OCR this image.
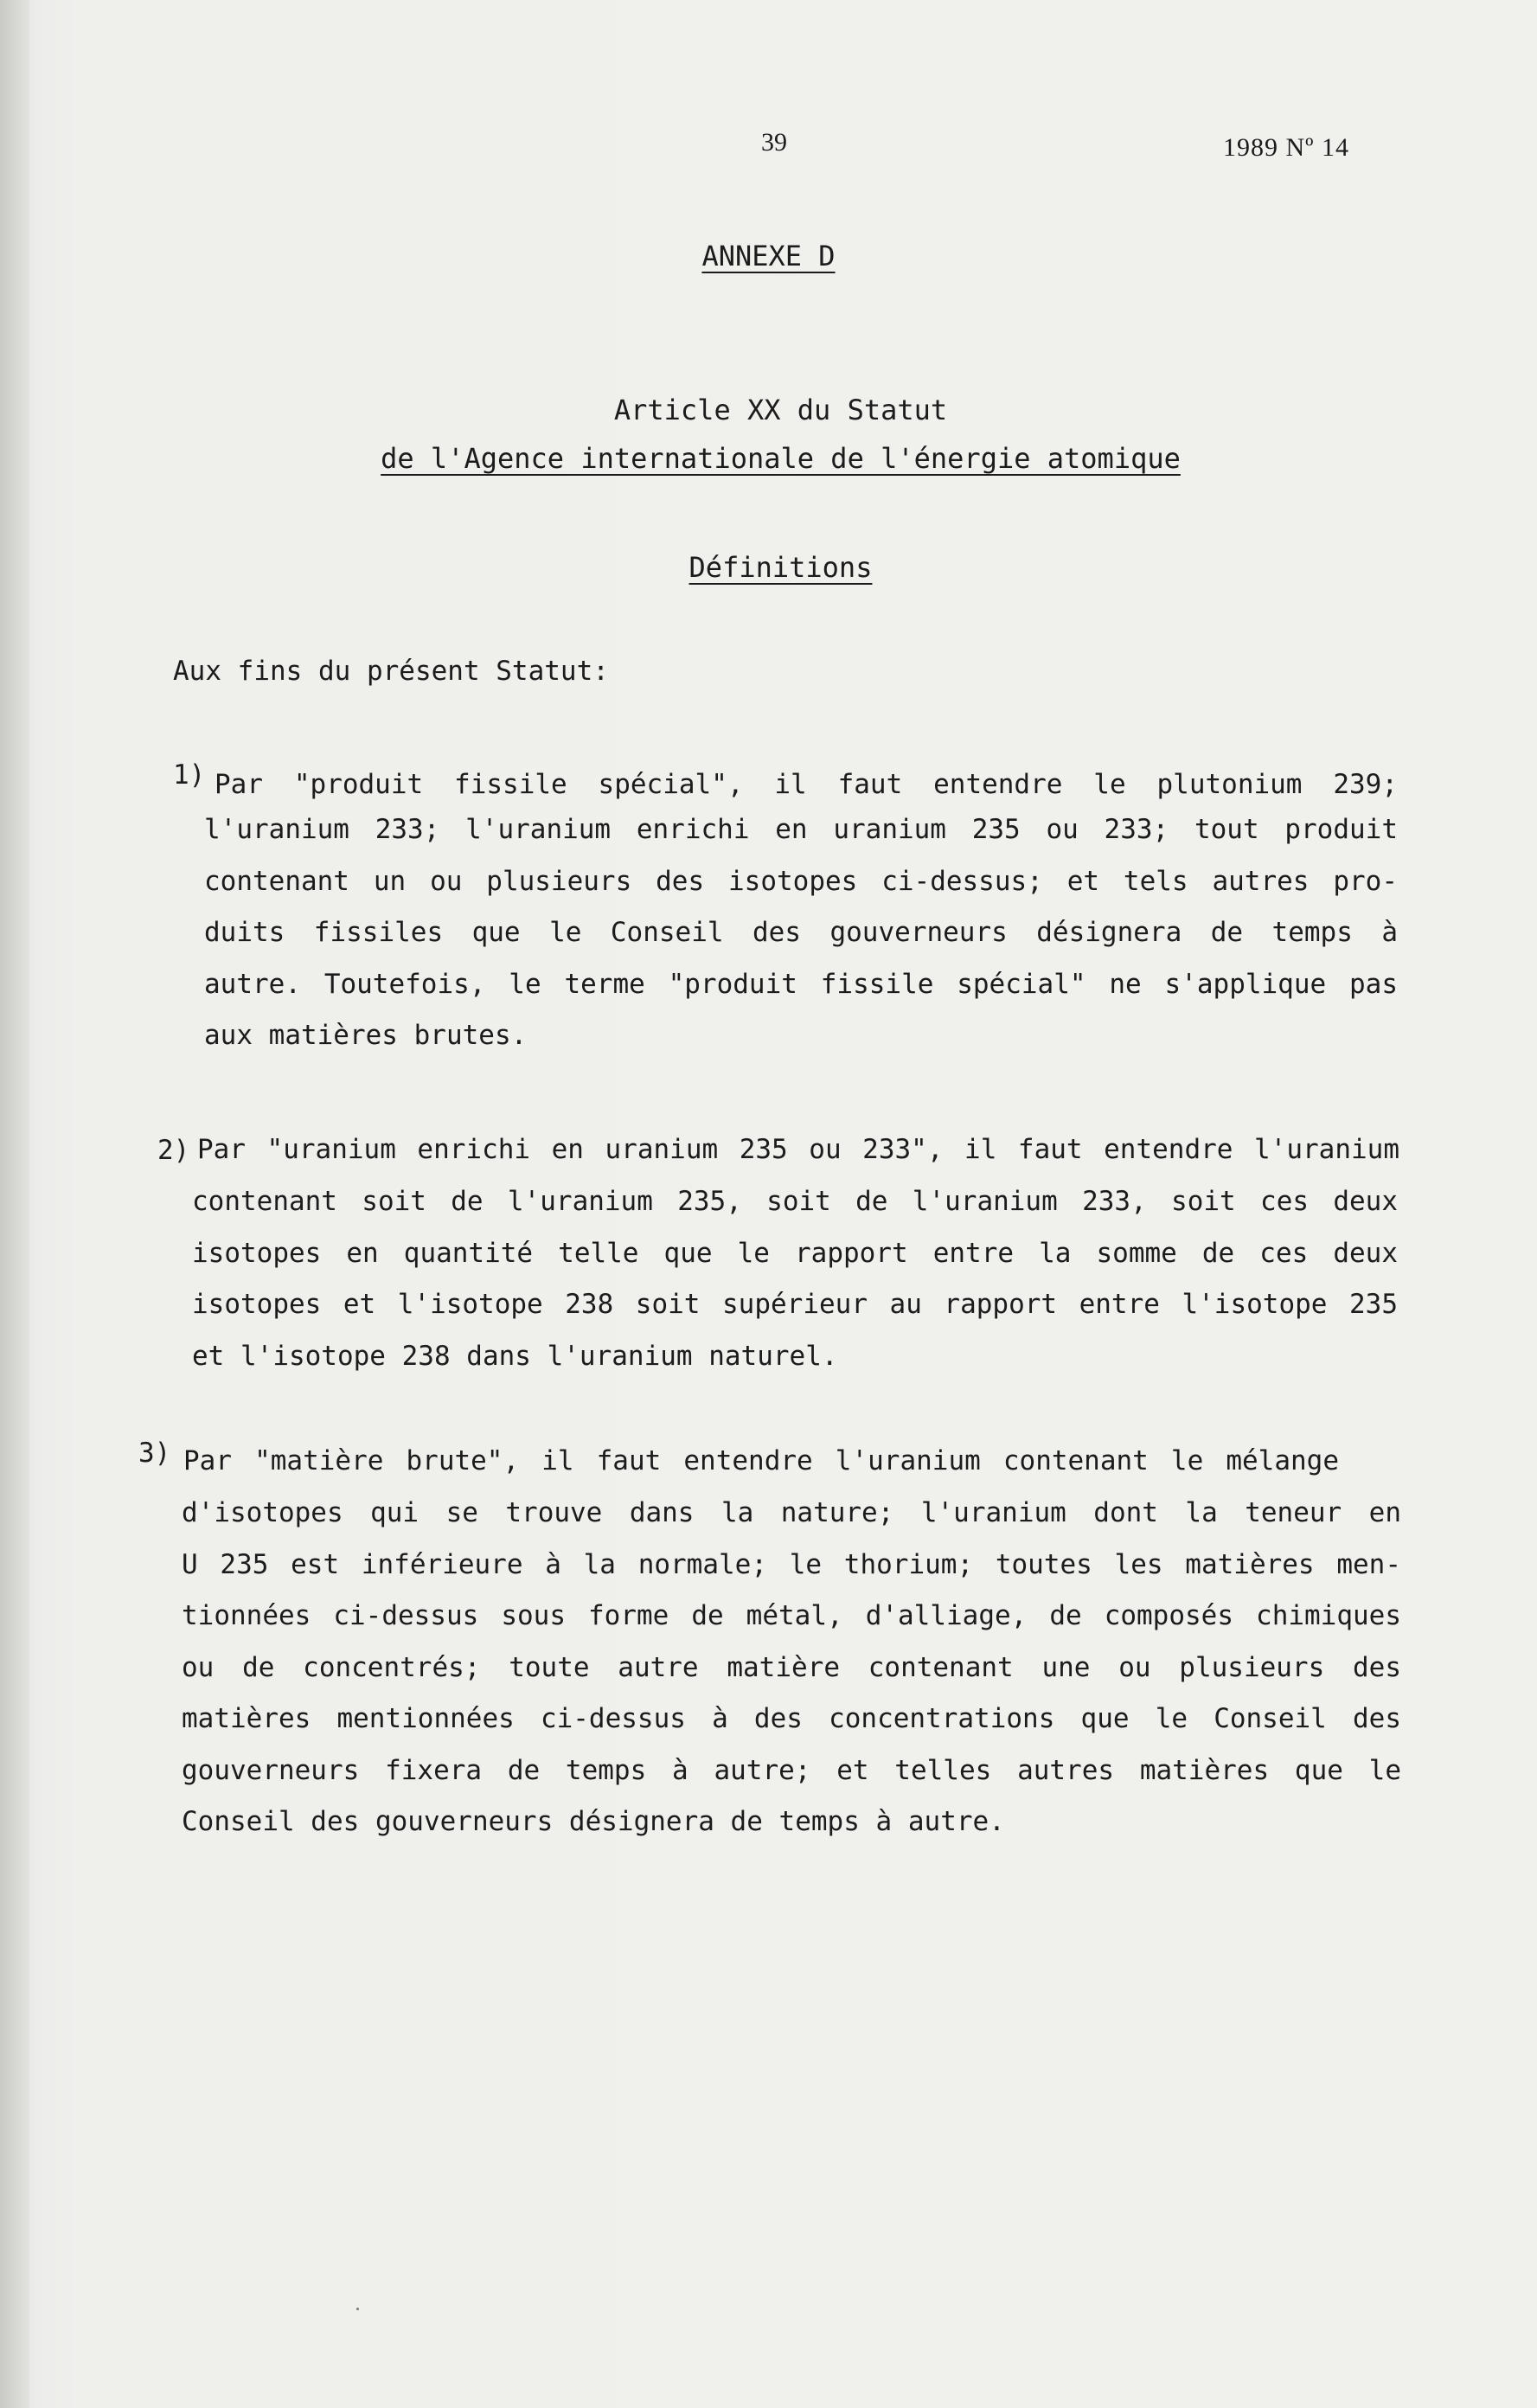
39	1989 Nº 14
ANNEXE D
Article XX du Statut
de l'Agence internationale de l'énergie atomique
Définitions
Aux fins du présent Statut:
1) Par "produit fissile spécial", il faut entendre le plutonium 239;
l'uranium 233; l'uranium enrichi en uranium 235 ou 233; tout produit
contenant un ou plusieurs des isotopes ci-dessus; et tels autres pro-
duits fissiles que le Conseil des gouverneurs désignera de temps à
autre. Toutefois, le terme "produit fissile spécial" ne s'applique pas
aux matières brutes.
2) Par "uranium enrichi en uranium 235 ou 233", il faut entendre l'uranium
contenant soit de l'uranium 235, soit de l'uranium 233, soit ces deux
isotopes en quantité telle que le rapport entre la somme de ces deux
isotopes et l'isotope 238 soit supérieur au rapport entre l'isotope 235
et l'isotope 238 dans l'uranium naturel.
3) Par "matière brute", il faut entendre l'uranium contenant le mélange
d'isotopes qui se trouve dans la nature; l'uranium dont la teneur en
U 235 est inférieure à la normale; le thorium; toutes les matières men-
tionnées ci-dessus sous forme de métal, d'alliage, de composés chimiques
ou de concentrés; toute autre matière contenant une ou plusieurs des
matières mentionnées ci-dessus à des concentrations que le Conseil des
gouverneurs fixera de temps à autre; et telles autres matières que le
Conseil des gouverneurs désignera de temps à autre.
